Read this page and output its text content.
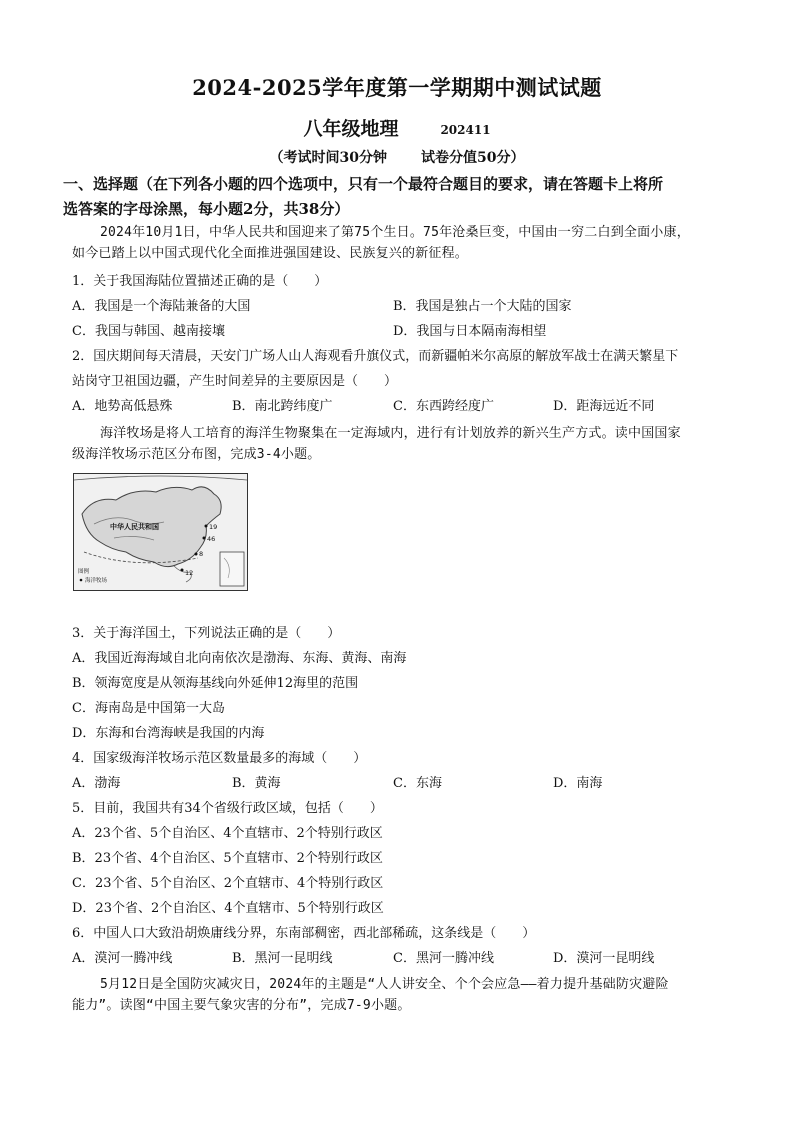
2024-2025学年度第一学期期中测试试题
八年级地理	202411
（考试时间30分钟 试卷分值50分）
一、选择题（在下列各小题的四个选项中，只有一个最符合题目的要求，请在答题卡上将所
选答案的字母涂黑，每小题2分，共38分）
2024年10月1日，中华人民共和国迎来了第75个生日。75年沧桑巨变，中国由一穷二白到全面小康，
如今已踏上以中国式现代化全面推进强国建设、民族复兴的新征程。
1．关于我国海陆位置描述正确的是（　　）
A．我国是一个海陆兼备的大国	B．我国是独占一个大陆的国家
C．我国与韩国、越南接壤	D．我国与日本隔南海相望
2．国庆期间每天清晨，天安门广场人山人海观看升旗仪式，而新疆帕米尔高原的解放军战士在满天繁星下
站岗守卫祖国边疆，产生时间差异的主要原因是（　　）
A．地势高低悬殊	B．南北跨纬度广	C．东西跨经度广	D．距海远近不同
海洋牧场是将人工培育的海洋生物聚集在一定海域内，进行有计划放养的新兴生产方式。读中国国家
级海洋牧场示范区分布图，完成3-4小题。
中华人民共和国	19
46
8
12
图例
海洋牧场
3．关于海洋国土，下列说法正确的是（　　）
A．我国近海海域自北向南依次是渤海、东海、黄海、南海
B．领海宽度是从领海基线向外延伸12海里的范围
C．海南岛是中国第一大岛
D．东海和台湾海峡是我国的内海
4．国家级海洋牧场示范区数量最多的海域（　　）
A．渤海	B．黄海	C．东海	D．南海
5．目前，我国共有34个省级行政区域，包括（　　）
A．23个省、5个自治区、4个直辖市、2个特别行政区
B．23个省、4个自治区、5个直辖市、2个特别行政区
C．23个省、5个自治区、2个直辖市、4个特别行政区
D．23个省、2个自治区、4个直辖市、5个特别行政区
6．中国人口大致沿胡焕庸线分界，东南部稠密，西北部稀疏，这条线是（　　）
A．漠河一腾冲线	B．黑河一昆明线	C．黑河一腾冲线	D．漠河一昆明线
5月12日是全国防灾减灾日，2024年的主题是“人人讲安全、个个会应急——着力提升基础防灾避险
能力”。读图“中国主要气象灾害的分布”，完成7-9小题。
